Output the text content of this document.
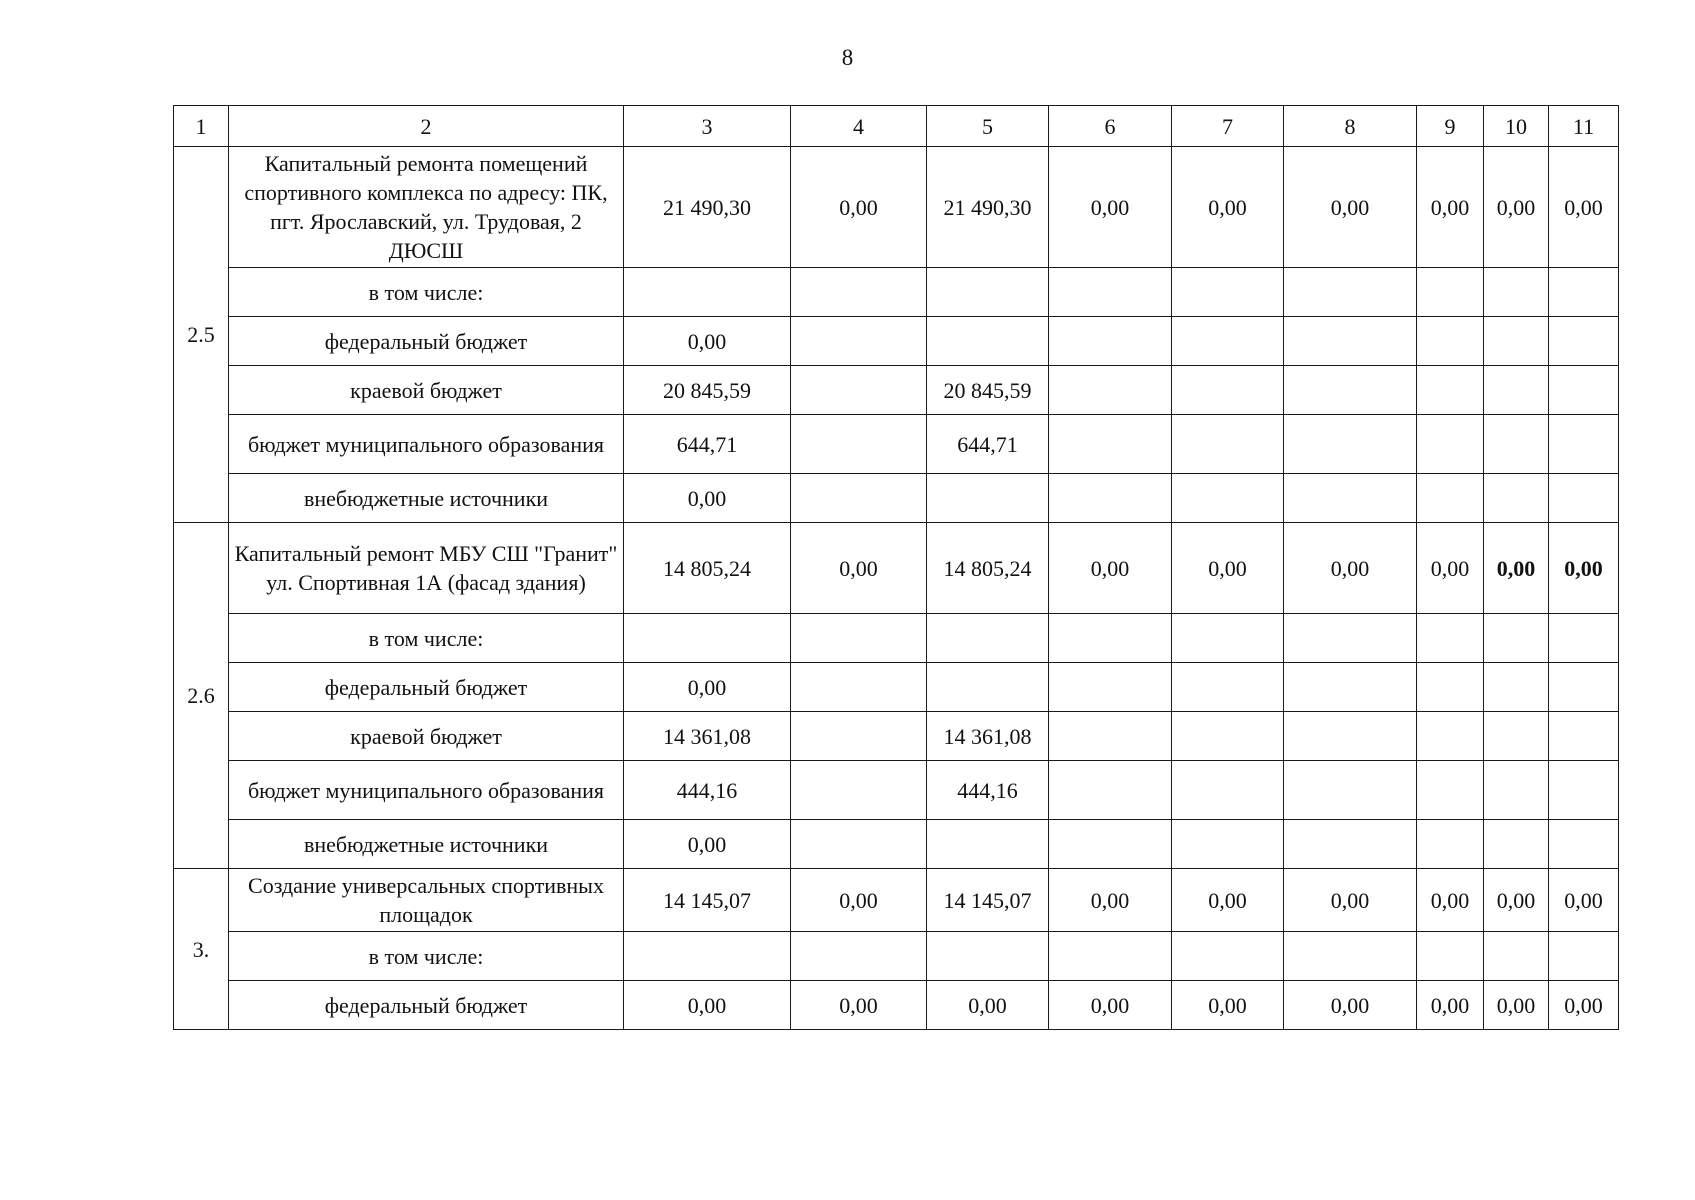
8
1	2	3	4	5	6	7	8	9	10	11
2.5	Капитальный ремонта помещений спортивного комплекса по адресу: ПК, пгт. Ярославский, ул. Трудовая, 2 ДЮСШ	21 490,30	0,00	21 490,30	0,00	0,00	0,00	0,00	0,00	0,00
	в том числе:									
	федеральный бюджет	0,00								
	краевой бюджет	20 845,59		20 845,59						
	бюджет муниципального образования	644,71		644,71						
	внебюджетные источники	0,00								
2.6	Капитальный ремонт МБУ СШ "Гранит" ул. Спортивная 1А (фасад здания)	14 805,24	0,00	14 805,24	0,00	0,00	0,00	0,00	0,00	0,00
	в том числе:									
	федеральный бюджет	0,00								
	краевой бюджет	14 361,08		14 361,08						
	бюджет муниципального образования	444,16		444,16						
	внебюджетные источники	0,00								
3.	Создание универсальных спортивных площадок	14 145,07	0,00	14 145,07	0,00	0,00	0,00	0,00	0,00	0,00
	в том числе:									
	федеральный бюджет	0,00	0,00	0,00	0,00	0,00	0,00	0,00	0,00	0,00
